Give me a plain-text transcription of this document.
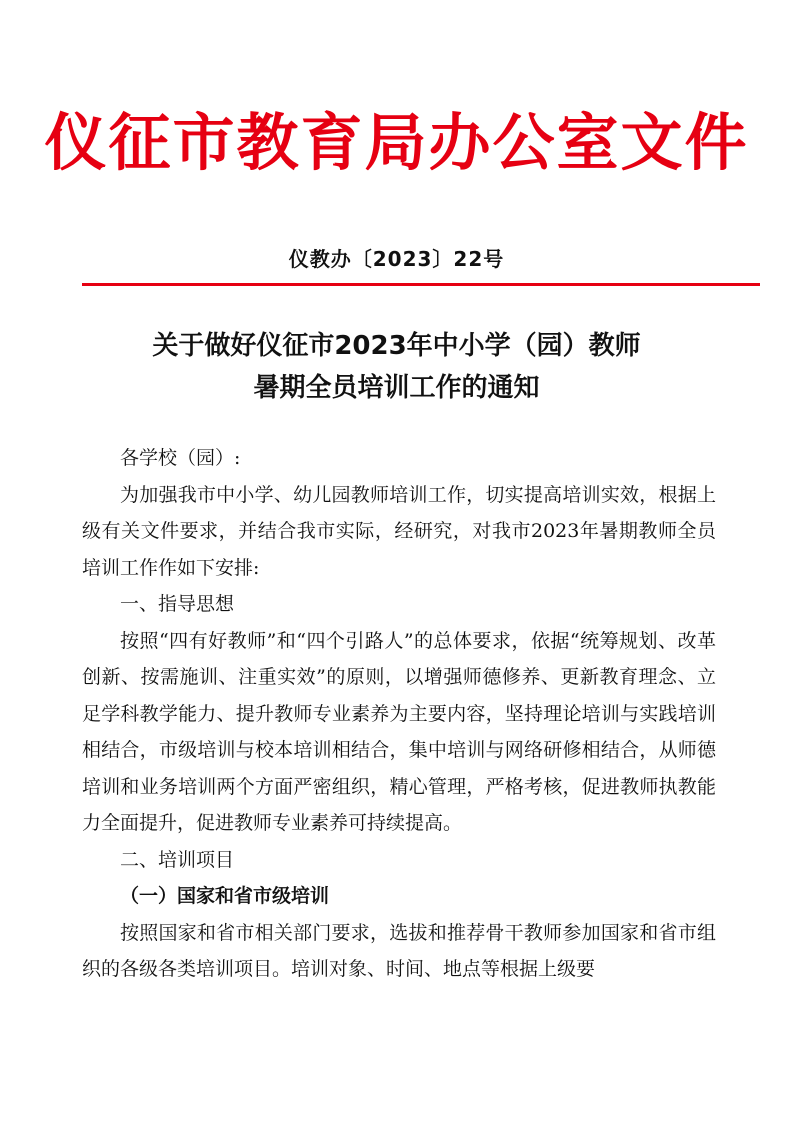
仪征市教育局办公室文件
仪教办〔2023〕22号
关于做好仪征市2023年中小学（园）教师
暑期全员培训工作的通知

各学校（园）:

为加强我市中小学、幼儿园教师培训工作，切实提高培训实效，根据上级有关文件要求，并结合我市实际，经研究，对我市2023年暑期教师全员培训工作作如下安排:

一、指导思想

按照“四有好教师”和“四个引路人”的总体要求，依据“统筹规划、改革创新、按需施训、注重实效”的原则，以增强师德修养、更新教育理念、立足学科教学能力、提升教师专业素养为主要内容，坚持理论培训与实践培训相结合，市级培训与校本培训相结合，集中培训与网络研修相结合，从师德培训和业务培训两个方面严密组织，精心管理，严格考核，促进教师执教能力全面提升，促进教师专业素养可持续提高。

二、培训项目

（一）国家和省市级培训

按照国家和省市相关部门要求，选拔和推荐骨干教师参加国家和省市组织的各级各类培训项目。培训对象、时间、地点等根据上级要
